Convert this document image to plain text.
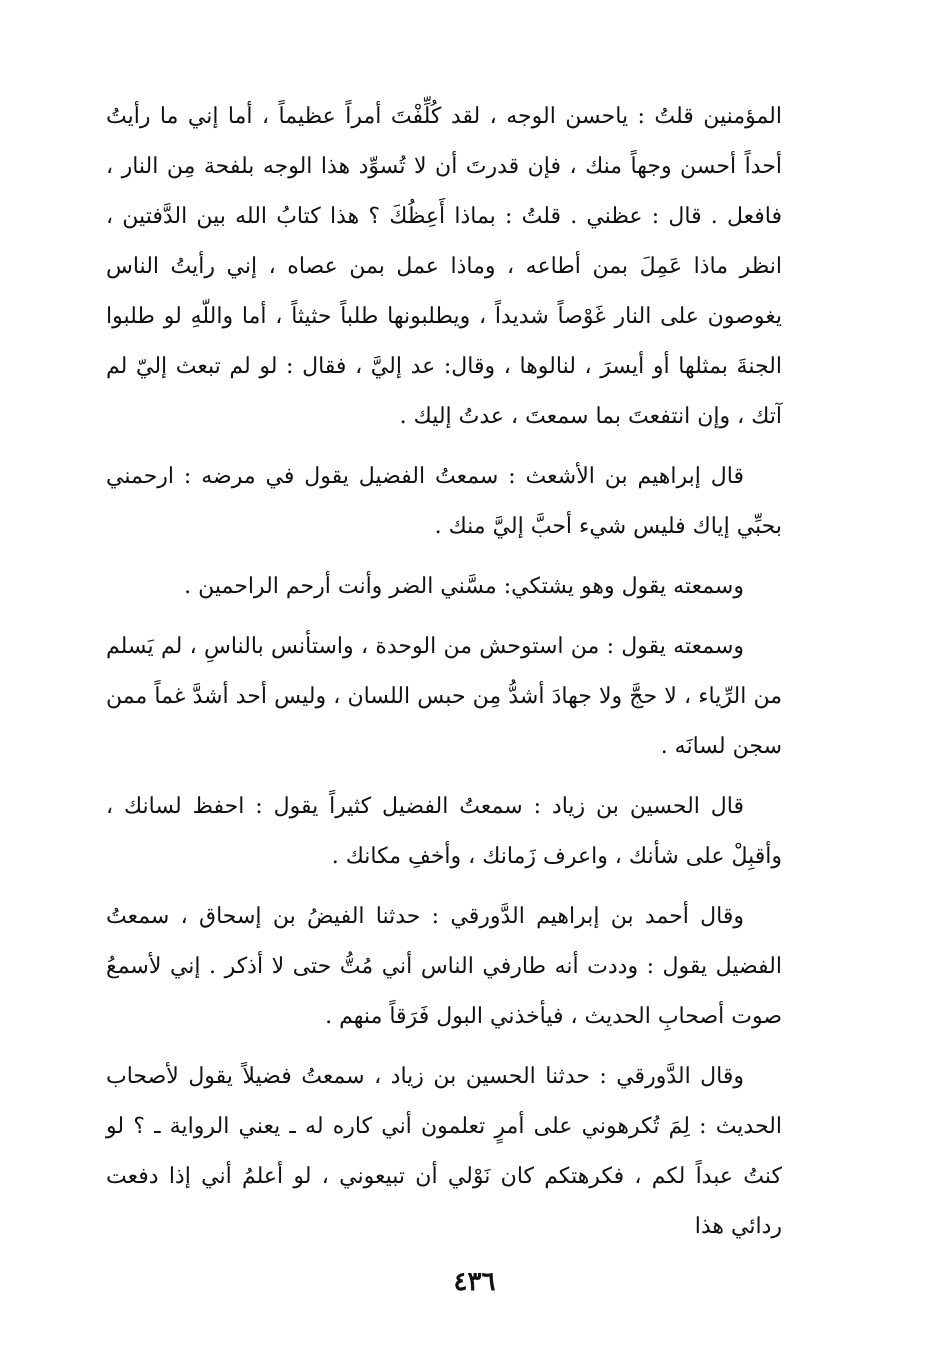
المؤمنين قلتُ : ياحسن الوجه ، لقد كُلِّفْتَ أمراً عظيماً ، أما إني ما رأيتُ أحداً أحسن وجهاً منك ، فإن قدرتَ أن لا تُسوِّد هذا الوجه بلفحة مِن النار ، فافعل . قال : عظني . قلتُ : بماذا أَعِظُكَ ؟ هذا كتابُ الله بين الدَّفتين ، انظر ماذا عَمِلَ بمن أطاعه ، وماذا عمل بمن عصاه ، إني رأيتُ الناس يغوصون على النار غَوْصاً شديداً ، ويطلبونها طلباً حثيثاً ، أما واللّهِ لو طلبوا الجنةَ بمثلها أو أيسرَ ، لنالوها ، وقال: عد إليَّ ، فقال : لو لم تبعث إليّ لم آتك ، وإن انتفعتَ بما سمعتَ ، عدتُ إليك .

قال إبراهيم بن الأشعث : سمعتُ الفضيل يقول في مرضه : ارحمني بحبِّي إياك فليس شيء أحبَّ إليَّ منك .

وسمعته يقول وهو يشتكي: مسَّني الضر وأنت أرحم الراحمين .

وسمعته يقول : من استوحش من الوحدة ، واستأنس بالناسِ ، لم يَسلم من الرِّياء ، لا حجَّ ولا جهادَ أشدُّ مِن حبس اللسان ، وليس أحد أشدَّ غماً ممن سجن لسانَه .

قال الحسين بن زياد : سمعتُ الفضيل كثيراً يقول : احفظ لسانك ، وأقبِلْ على شأنك ، واعرف زَمانك ، وأخفِ مكانك .

وقال أحمد بن إبراهيم الدَّورقي : حدثنا الفيضُ بن إسحاق ، سمعتُ الفضيل يقول : وددت أنه طارفي الناس أني مُتُّ حتى لا أذكر . إني لأسمعُ صوت أصحابِ الحديث ، فيأخذني البول فَرَقاً منهم .

وقال الدَّورقي : حدثنا الحسين بن زياد ، سمعتُ فضيلاً يقول لأصحاب الحديث : لِمَ تُكرهوني على أمرٍ تعلمون أني كاره له ـ يعني الرواية ـ ؟ لو كنتُ عبداً لكم ، فكرهتكم كان نَوْلي أن تبيعوني ، لو أعلمُ أني إذا دفعت ردائي هذا

٤٣٦
